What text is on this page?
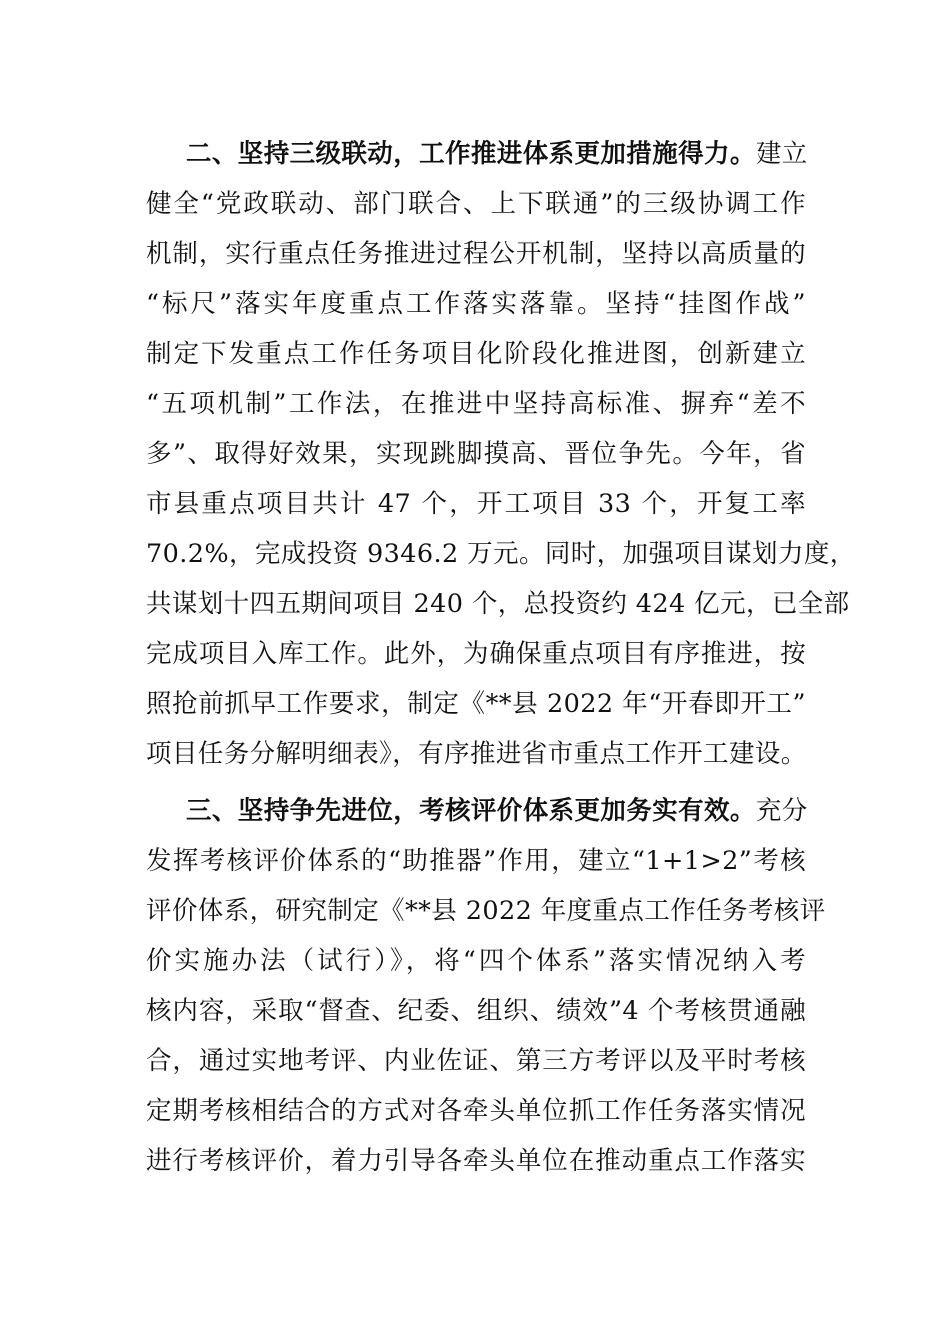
二、坚持三级联动，工作推进体系更加措施得力。建立
健全“党政联动、部门联合、上下联通”的三级协调工作
机制，实行重点任务推进过程公开机制，坚持以高质量的
“标尺”落实年度重点工作落实落靠。坚持“挂图作战”
制定下发重点工作任务项目化阶段化推进图，创新建立
“五项机制”工作法，在推进中坚持高标准、摒弃“差不
多”、取得好效果，实现跳脚摸高、晋位争先。今年，省
市县重点项目共计 47 个，开工项目 33 个，开复工率
70.2%，完成投资 9346.2 万元。同时，加强项目谋划力度，
共谋划十四五期间项目 240 个，总投资约 424 亿元，已全部
完成项目入库工作。此外，为确保重点项目有序推进，按
照抢前抓早工作要求，制定《**县 2022 年“开春即开工”
项目任务分解明细表》，有序推进省市重点工作开工建设。
三、坚持争先进位，考核评价体系更加务实有效。充分
发挥考核评价体系的“助推器”作用，建立“1+1>2”考核
评价体系，研究制定《**县 2022 年度重点工作任务考核评
价实施办法（试行）》，将“四个体系”落实情况纳入考
核内容，采取“督查、纪委、组织、绩效”4 个考核贯通融
合，通过实地考评、内业佐证、第三方考评以及平时考核
定期考核相结合的方式对各牵头单位抓工作任务落实情况
进行考核评价，着力引导各牵头单位在推动重点工作落实
